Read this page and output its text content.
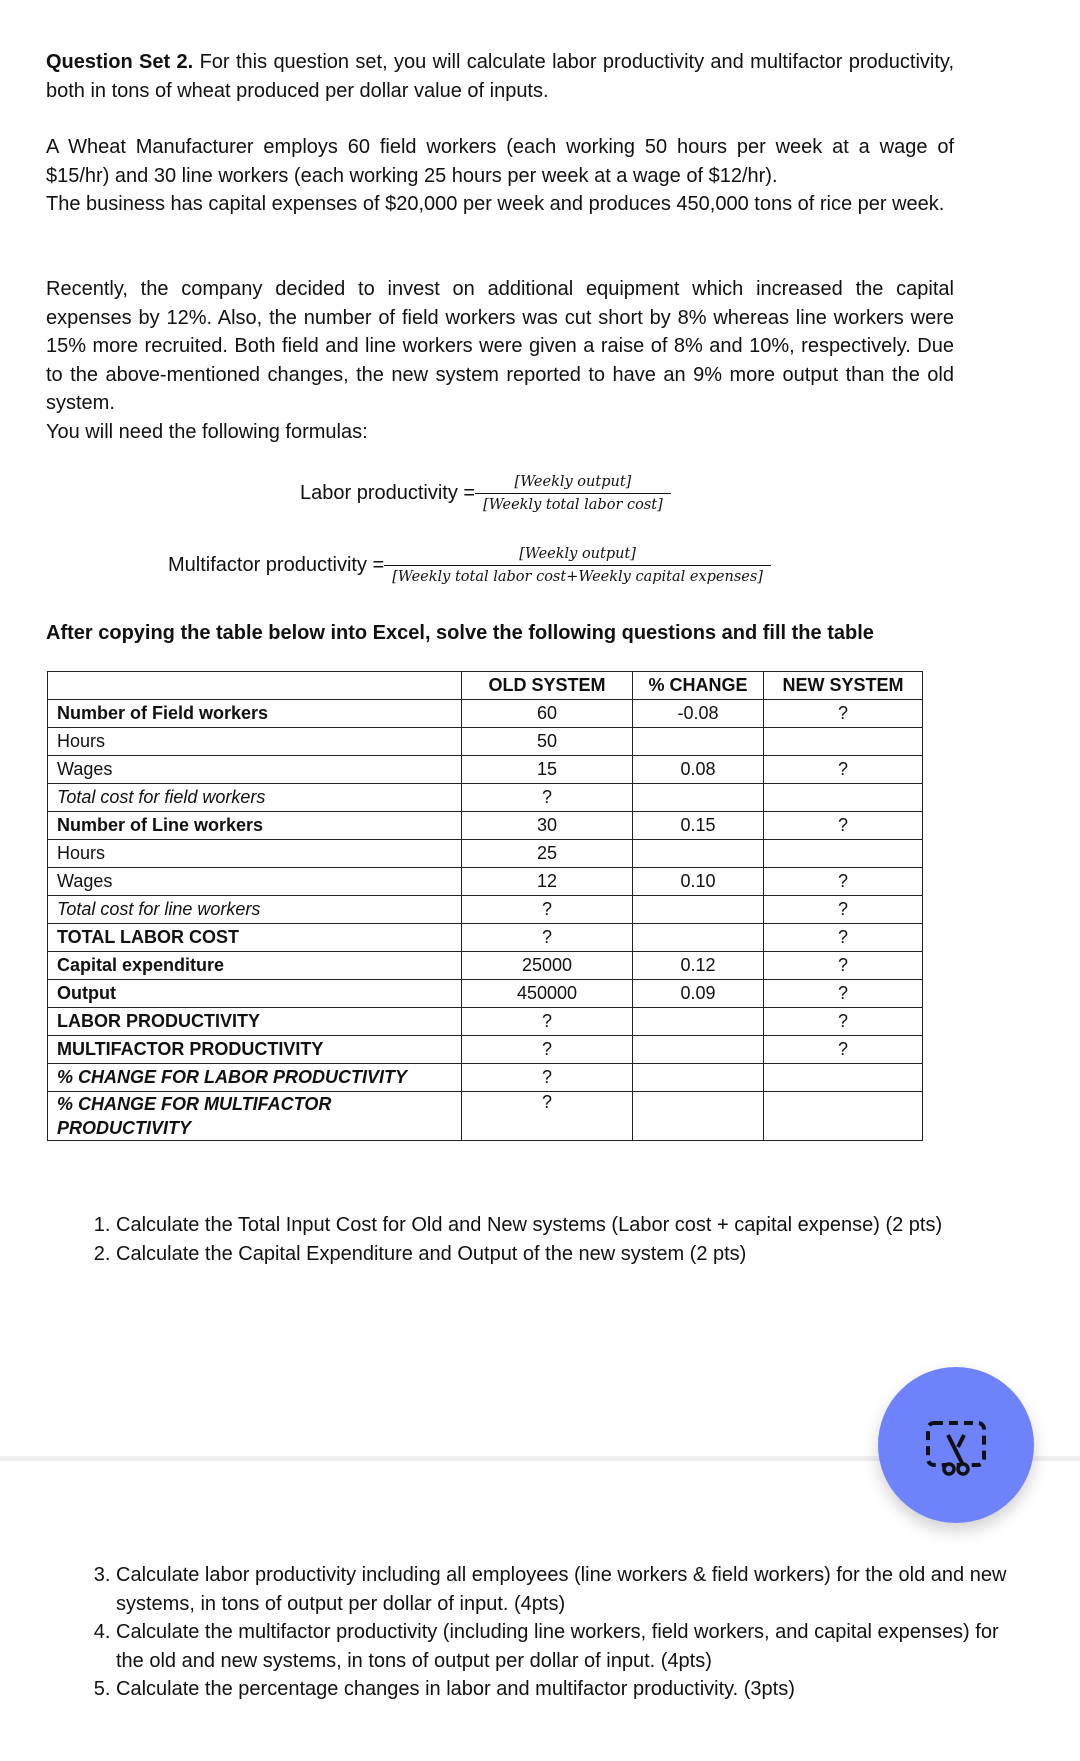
Question Set 2. For this question set, you will calculate labor productivity and multifactor productivity, both in tons of wheat produced per dollar value of inputs.

A Wheat Manufacturer employs 60 field workers (each working 50 hours per week at a wage of $15/hr) and 30 line workers (each working 25 hours per week at a wage of $12/hr).

The business has capital expenses of $20,000 per week and produces 450,000 tons of rice per week.

Recently, the company decided to invest on additional equipment which increased the capital expenses by 12%. Also, the number of field workers was cut short by 8% whereas line workers were 15% more recruited. Both field and line workers were given a raise of 8% and 10%, respectively. Due to the above-mentioned changes, the new system reported to have an 9% more output than the old system.

You will need the following formulas:

Labor productivity = $\frac{\text{[Weekly output]}}{\text{[Weekly total labor cost]}}$
Multifactor productivity = $\frac{\text{[Weekly output]}}{\text{[Weekly total labor cost+Weekly capital expenses]}}$

After copying the table below into Excel, solve the following questions and fill the table

	OLD SYSTEM	% CHANGE	NEW SYSTEM
Number of Field workers	60	-0.08	?
Hours	50		
Wages	15	0.08	?
Total cost for field workers	?		
Number of Line workers	30	0.15	?
Hours	25		
Wages	12	0.10	?
Total cost for line workers	?		?
TOTAL LABOR COST	?		?
Capital expenditure	25000	0.12	?
Output	450000	0.09	?
LABOR PRODUCTIVITY	?		?
MULTIFACTOR PRODUCTIVITY	?		?
% CHANGE FOR LABOR PRODUCTIVITY	?		
% CHANGE FOR MULTIFACTOR PRODUCTIVITY	?		
1. Calculate the Total Input Cost for Old and New systems (Labor cost + capital expense) (2 pts)
2. Calculate the Capital Expenditure and Output of the new system (2 pts)
3. Calculate labor productivity including all employees (line workers & field workers) for the old and new systems, in tons of output per dollar of input. (4pts)
4. Calculate the multifactor productivity (including line workers, field workers, and capital expenses) for the old and new systems, in tons of output per dollar of input. (4pts)
5. Calculate the percentage changes in labor and multifactor productivity. (3pts)
